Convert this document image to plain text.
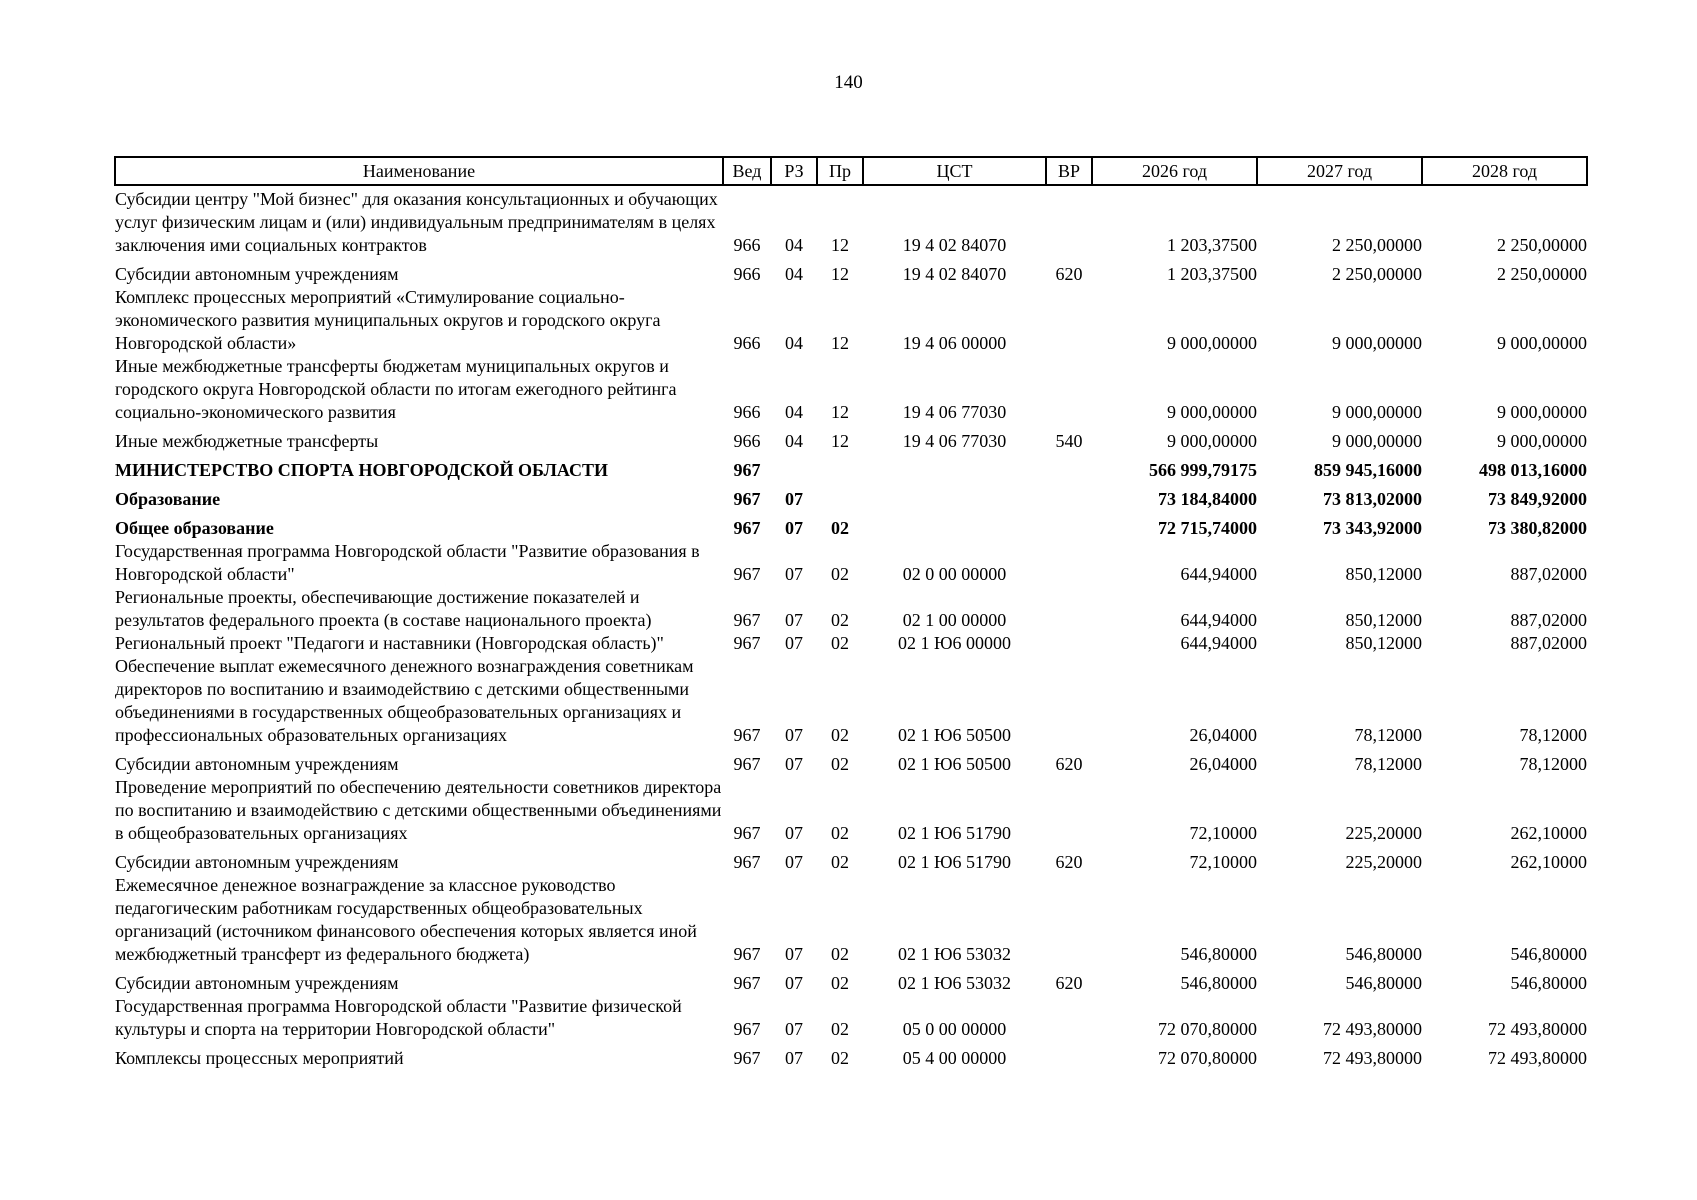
140
Наименование	Вед	РЗ	Пр	ЦСТ	ВР	2026 год	2027 год	2028 год
Субсидии центру "Мой бизнес" для оказания консультационных и обучающих услуг физическим лицам и (или) индивидуальным предпринимателям в целях заключения ими социальных контрактов	966	04	12	19 4 02 84070		1 203,37500	2 250,00000	2 250,00000
Субсидии автономным учреждениям	966	04	12	19 4 02 84070	620	1 203,37500	2 250,00000	2 250,00000
Комплекс процессных мероприятий «Стимулирование социально-экономического развития муниципальных округов и городского округа Новгородской области»	966	04	12	19 4 06 00000		9 000,00000	9 000,00000	9 000,00000
Иные межбюджетные трансферты бюджетам муниципальных округов и городского округа Новгородской области по итогам ежегодного рейтинга социально-экономического развития	966	04	12	19 4 06 77030		9 000,00000	9 000,00000	9 000,00000
Иные межбюджетные трансферты	966	04	12	19 4 06 77030	540	9 000,00000	9 000,00000	9 000,00000
МИНИСТЕРСТВО СПОРТА НОВГОРОДСКОЙ ОБЛАСТИ	967					566 999,79175	859 945,16000	498 013,16000
Образование	967	07				73 184,84000	73 813,02000	73 849,92000
Общее образование	967	07	02			72 715,74000	73 343,92000	73 380,82000
Государственная программа Новгородской области "Развитие образования в Новгородской области"	967	07	02	02 0 00 00000		644,94000	850,12000	887,02000
Региональные проекты, обеспечивающие достижение показателей и результатов федерального проекта (в составе национального проекта)	967	07	02	02 1 00 00000		644,94000	850,12000	887,02000
Региональный проект "Педагоги и наставники (Новгородская область)"	967	07	02	02 1 Ю6 00000		644,94000	850,12000	887,02000
Обеспечение выплат ежемесячного денежного вознаграждения советникам директоров по воспитанию и взаимодействию с детскими общественными объединениями в государственных общеобразовательных организациях и профессиональных образовательных организациях	967	07	02	02 1 Ю6 50500		26,04000	78,12000	78,12000
Субсидии автономным учреждениям	967	07	02	02 1 Ю6 50500	620	26,04000	78,12000	78,12000
Проведение мероприятий по обеспечению деятельности советников директора по воспитанию и взаимодействию с детскими общественными объединениями в общеобразовательных организациях	967	07	02	02 1 Ю6 51790		72,10000	225,20000	262,10000
Субсидии автономным учреждениям	967	07	02	02 1 Ю6 51790	620	72,10000	225,20000	262,10000
Ежемесячное денежное вознаграждение за классное руководство педагогическим работникам государственных общеобразовательных организаций (источником финансового обеспечения которых является иной межбюджетный трансферт из федерального бюджета)	967	07	02	02 1 Ю6 53032		546,80000	546,80000	546,80000
Субсидии автономным учреждениям	967	07	02	02 1 Ю6 53032	620	546,80000	546,80000	546,80000
Государственная программа Новгородской области "Развитие физической культуры и спорта на территории Новгородской области"	967	07	02	05 0 00 00000		72 070,80000	72 493,80000	72 493,80000
Комплексы процессных мероприятий	967	07	02	05 4 00 00000		72 070,80000	72 493,80000	72 493,80000
